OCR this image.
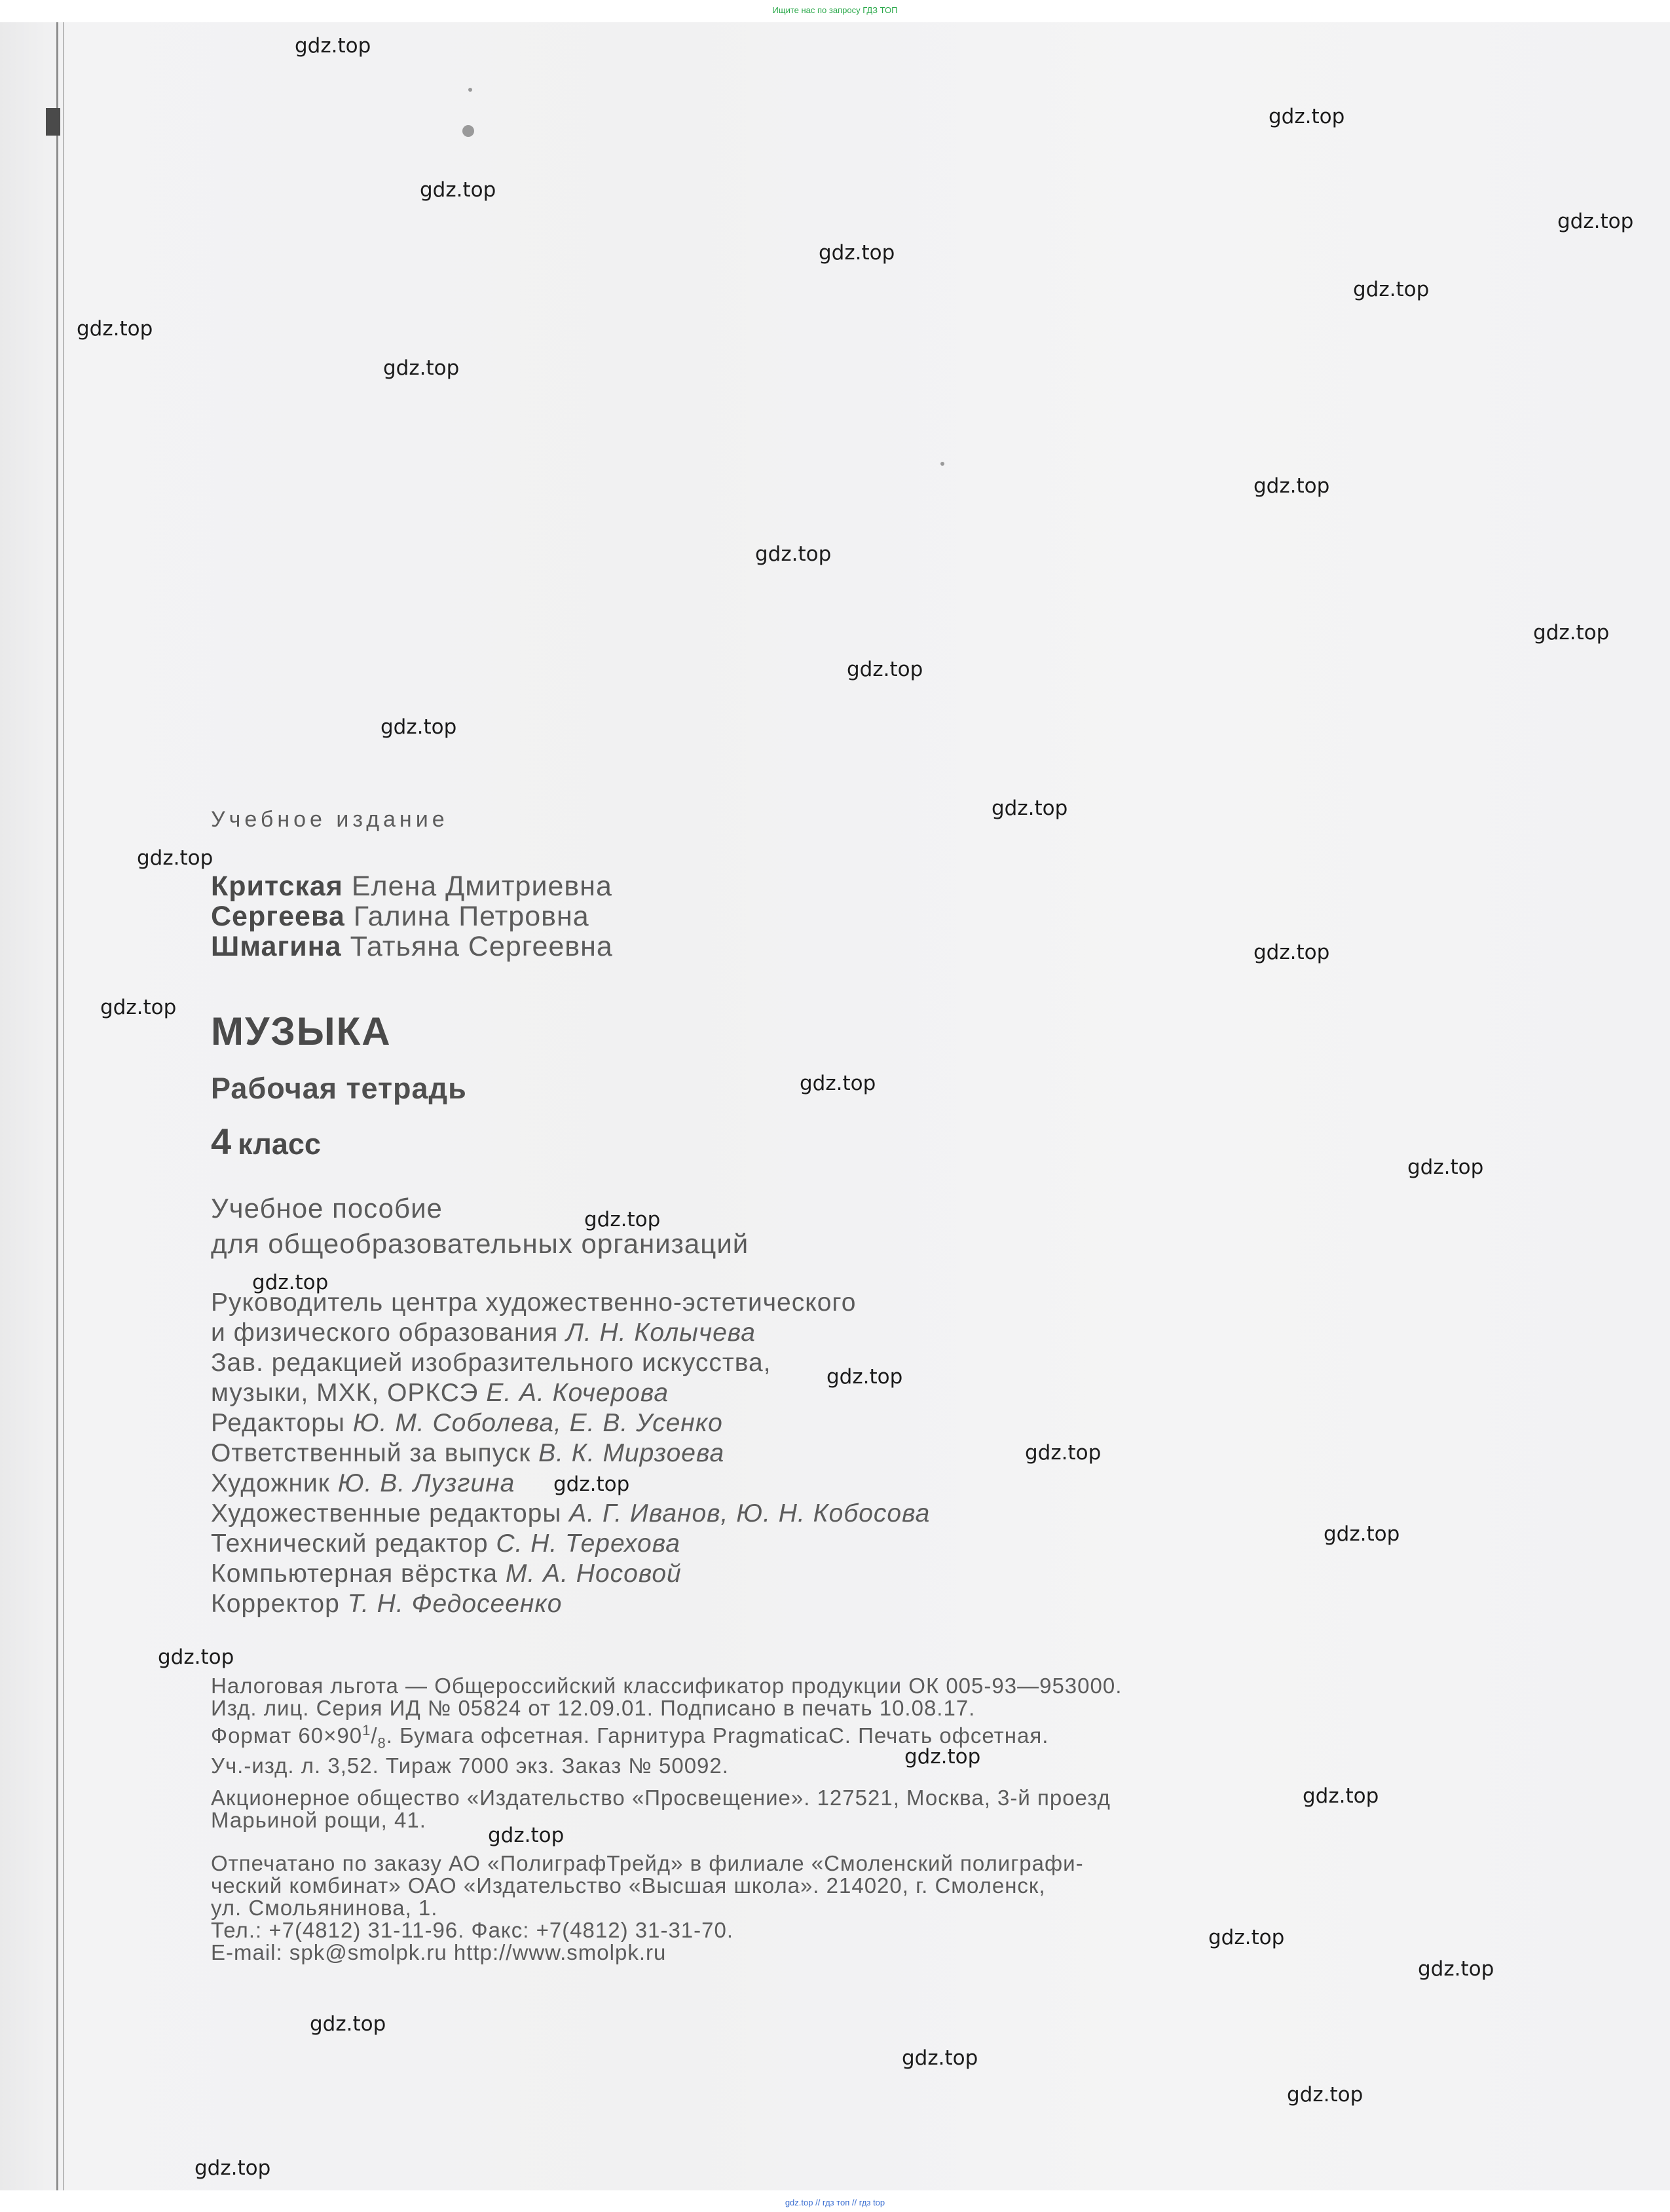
Ищите нас по запросу ГДЗ ТОП
gdz.top
gdz.top
gdz.top
gdz.top
gdz.top
gdz.top
gdz.top
gdz.top
gdz.top
gdz.top
gdz.top
gdz.top
gdz.top
gdz.top
gdz.top
gdz.top
gdz.top
gdz.top
gdz.top
gdz.top
gdz.top
gdz.top
gdz.top
gdz.top
gdz.top
gdz.top
gdz.top
gdz.top
gdz.top
gdz.top
gdz.top
gdz.top
gdz.top
gdz.top
gdz.top
Учебное издание
Критская Елена Дмитриевна
Сергеева Галина Петровна
Шмагина Татьяна Сергеевна
МУЗЫКА
Рабочая тетрадь
4 класс
Учебное пособие
для общеобразовательных организаций
Руководитель центра художественно-эстетического
и физического образования Л. Н. Колычева
Зав. редакцией изобразительного искусства,
музыки, МХК, ОРКСЭ Е. А. Кочерова
Редакторы Ю. М. Соболева, Е. В. Усенко
Ответственный за выпуск В. К. Мирзоева
Художник Ю. В. Лузгина
Художественные редакторы А. Г. Иванов, Ю. Н. Кобосова
Технический редактор С. Н. Терехова
Компьютерная вёрстка М. А. Носовой
Корректор Т. Н. Федосеенко

Налоговая льгота — Общероссийский классификатор продукции ОК 005-93—953000.

Изд. лиц. Серия ИД № 05824 от 12.09.01. Подписано в печать 10.08.17.

Формат $60\times 90^1/_8$. Бумага офсетная. Гарнитура PragmaticaC. Печать офсетная.

Уч.-изд. л. 3,52. Тираж 7000 экз. Заказ № 50092.

Акционерное общество «Издательство «Просвещение». 127521, Москва, 3-й проезд

Марьиной рощи, 41.

Отпечатано по заказу АО «ПолиграфТрейд» в филиале «Смоленский полиграфи-

ческий комбинат» ОАО «Издательство «Высшая школа». 214020, г. Смоленск,

ул. Смольянинова, 1.

Тел.: +7(4812) 31-11-96. Факс: +7(4812) 31-31-70.

E-mail: spk@smolpk.ru http://www.smolpk.ru

gdz.top // гдз топ // гдз top
